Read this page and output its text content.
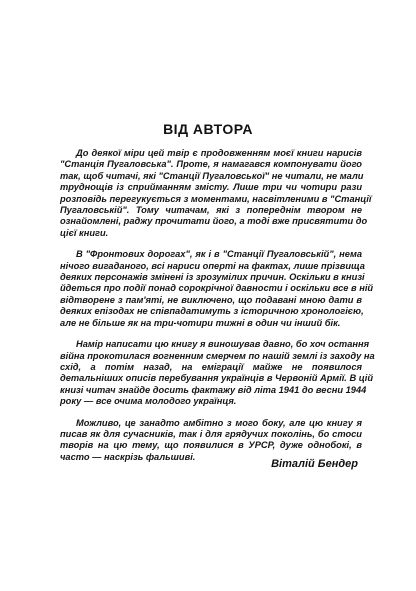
ВІД АВТОРА

До деякої міри цей твір є продовженням моєї книги нарисів
"Станція Пугаловська". Проте, я намагався компонувати його
так, щоб читачі, які "Станції Пугаловської" не читали, не мали
труднощів із сприйманням змісту. Лише три чи чотири рази
розповідь перегукується з моментами, насвітленими в "Станції
Пугаловській". Тому читачам, які з попереднім твором не
ознайомлені, раджу прочитати його, а тоді вже присвятити до
цієї книги.

В "Фронтових дорогах", як і в "Станції Пугаловській", нема
нічого вигаданого, всі нариси оперті на фактах, лише прізвища
деяких персонажів змінені із зрозумілих причин. Оскільки в книзі
йдеться про події понад сорокрічної давности і оскільки все в ній
відтворене з пам'яті, не виключено, що подавані мною дати в
деяких епізодах не співпадатимуть з історичною хронологією,
але не більше як на три-чотири тижні в один чи інший бік.

Намір написати цю книгу я виношував давно, бо хоч остання
війна прокотилася вогненним смерчем по нашій землі із заходу на
схід, а потім назад, на еміграції майже не появилося
детальніших описів перебування українців в Червоній Армії. В цій
книзі читач знайде досить фактажу від літа 1941 до весни 1944
року — все очима молодого українця.

Можливо, це занадто амбітно з мого боку, але цю книгу я
писав як для сучасників, так і для грядучих поколінь, бо стоси
творів на цю тему, що появилися в УРСР, дуже однобокі, в
часто — наскрізь фальшиві.

Віталій Бендер
